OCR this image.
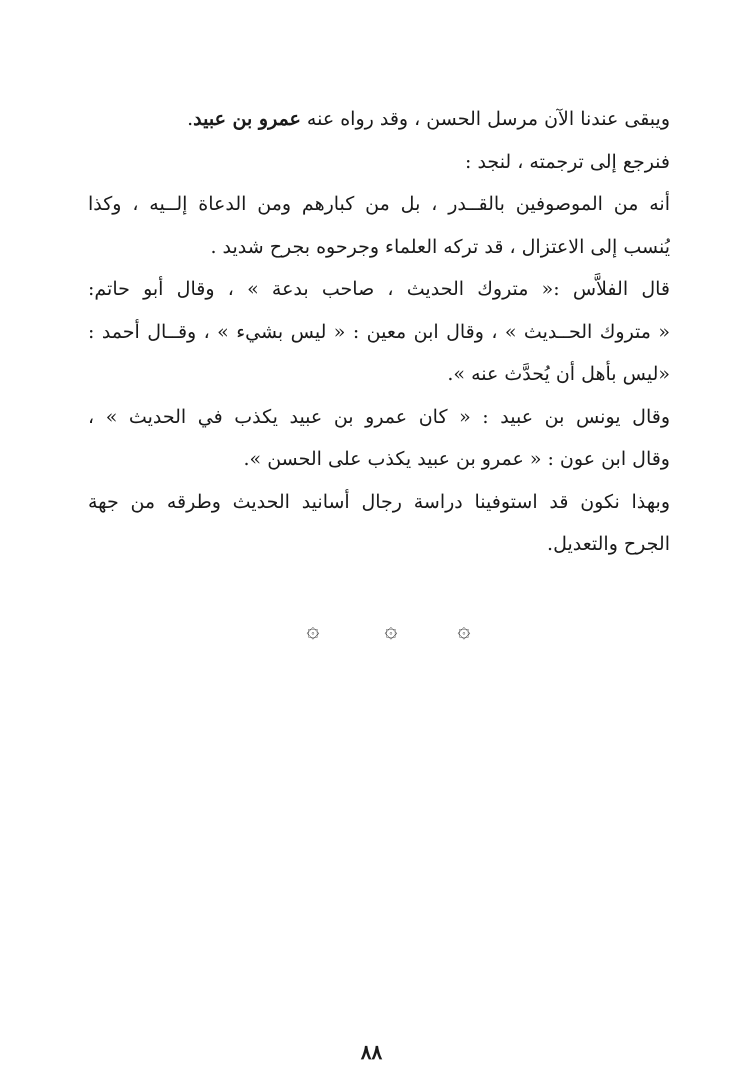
ويبقى عندنا الآن مرسل الحسن ، وقد رواه عنه عمرو بن عبيد.
فنرجع إلى ترجمته ، لنجد :
أنه من الموصوفين بالقــدر ، بل من كبارهم ومن الدعاة إلــيه ، وكذا
يُنسب إلى الاعتزال ، قد تركه العلماء وجرحوه بجرح شديد .
قال الفلاَّس :« متروك الحديث ، صاحب بدعة » ، وقال أبو حاتم:
« متروك الحــديث » ، وقال ابن معين : « ليس بشيء » ، وقــال أحمد :
«ليس بأهل أن يُحدَّث عنه ».
وقال يونس بن عبيد : « كان عمرو بن عبيد يكذب في الحديث » ،
وقال ابن عون : « عمرو بن عبيد يكذب على الحسن ».
وبهذا نكون قد استوفينا دراسة رجال أسانيد الحديث وطرقه من جهة
الجرح والتعديل.
۞	۞	۞
٨٨
